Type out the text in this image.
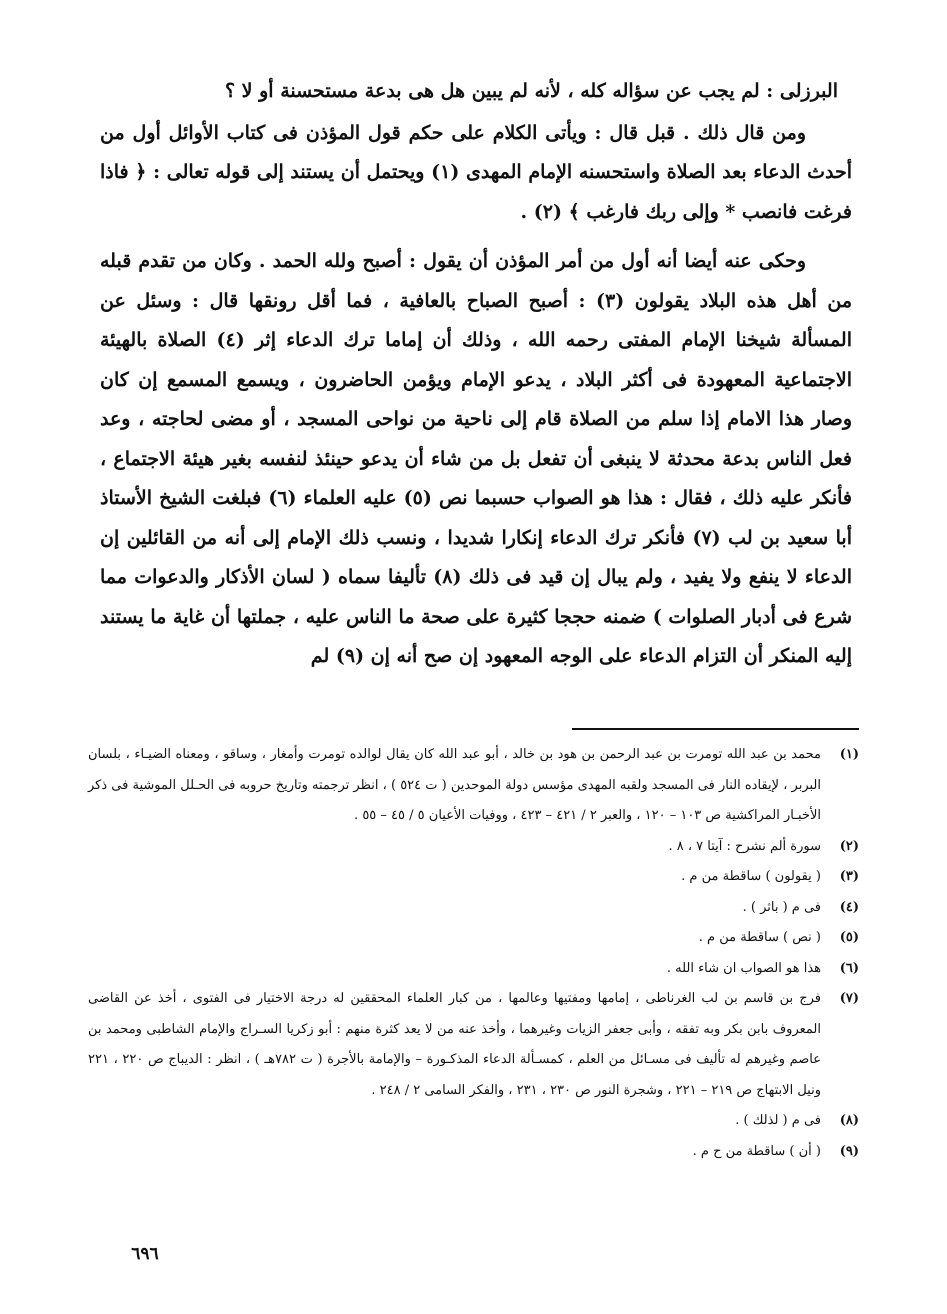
البرزلى : لم يجب عن سؤاله كله ، لأنه لم يبين هل هى بدعة مستحسنة أو لا ؟

ومن قال ذلك . قبل قال : ويأتى الكلام على حكم قول المؤذن فى كتاب الأوائل أول من أحدث الدعاء بعد الصلاة واستحسنه الإمام المهدى (١) ويحتمل أن يستند إلى قوله تعالى : ﴿ فاذا فرغت فانصب * وإلى ربك فارغب ﴾ (٢) .

وحكى عنه أيضا أنه أول من أمر المؤذن أن يقول : أصبح ولله الحمد . وكان من تقدم قبله من أهل هذه البلاد يقولون (٣) : أصبح الصباح بالعافية ، فما أقل رونقها قال : وسئل عن المسألة شيخنا الإمام المفتى رحمه الله ، وذلك أن إماما ترك الدعاء إثر (٤) الصلاة بالهيئة الاجتماعية المعهودة فى أكثر البلاد ، يدعو الإمام ويؤمن الحاضرون ، ويسمع المسمع إن كان وصار هذا الامام إذا سلم من الصلاة قام إلى ناحية من نواحى المسجد ، أو مضى لحاجته ، وعد فعل الناس بدعة محدثة لا ينبغى أن تفعل بل من شاء أن يدعو حينئذ لنفسه بغير هيئة الاجتماع ، فأنكر عليه ذلك ، فقال : هذا هو الصواب حسبما نص (٥) عليه العلماء (٦) فبلغت الشيخ الأستاذ أبا سعيد بن لب (٧) فأنكر ترك الدعاء إنكارا شديدا ، ونسب ذلك الإمام إلى أنه من القائلين إن الدعاء لا ينفع ولا يفيد ، ولم يبال إن قيد فى ذلك (٨) تأليفا سماه ( لسان الأذكار والدعوات مما شرع فى أدبار الصلوات ) ضمنه حججا كثيرة على صحة ما الناس عليه ، جملتها أن غاية ما يستند إليه المنكر أن التزام الدعاء على الوجه المعهود إن صح أنه إن (٩) لم

(١)
محمد بن عبد الله تومرت بن عبد الرحمن بن هود بن خالد ، أبو عبد الله كان يقال لوالده تومرت وأمغار ، وساقو ، ومعناه الضيـاء ، بلسان البربر ، لإيقاده النار فى المسجد ولقبه المهدى مؤسس دولة الموحدين ( ت ٥٢٤ ) ، انظر ترجمته وتاريخ حروبه فى الحـلل الموشية فى ذكر الأخبـار المراكشية ص ١٠٣ – ١٢٠ ، والعبر ٢ / ٤٢١ – ٤٢٣ ، ووفيات الأعيان ٥ / ٤٥ – ٥٥ .
(٢)
سورة ألم نشرح : آيتا ٧ ، ٨ .
(٣)
( يقولون ) ساقطة من م .
(٤)
فى م ( باثر ) .
(٥)
( نص ) ساقطة من م .
(٦)
هذا هو الصواب ان شاء الله .
(٧)
فرج بن قاسم بن لب الغرناطى ، إمامها ومفتيها وعالمها ، من كبار العلماء المحققين له درجة الاختيار فى الفتوى ، أخذ عن القاضى المعروف بابن بكر وبه تفقه ، وأبى جعفر الزيات وغيرهما ، وأخذ عنه من لا يعد كثرة منهم : أبو زكريا السـراج والإمام الشاطبى ومحمد بن عاصم وغيرهم له تأليف فى مسـائل من العلم ، كمسـألة الدعاء المذكـورة – والإمامة بالأجرة ( ت ٧٨٢هـ ) ، انظر : الديباج ص ٢٢٠ ، ٢٢١ ونيل الابتهاج ص ٢١٩ – ٢٢١ ، وشجرة النور ص ٢٣٠ ، ٢٣١ ، والفكر السامى ٢ / ٢٤٨ .
(٨)
فى م ( لذلك ) .
(٩)
( أن ) ساقطة من ح م .
٦٩٦
